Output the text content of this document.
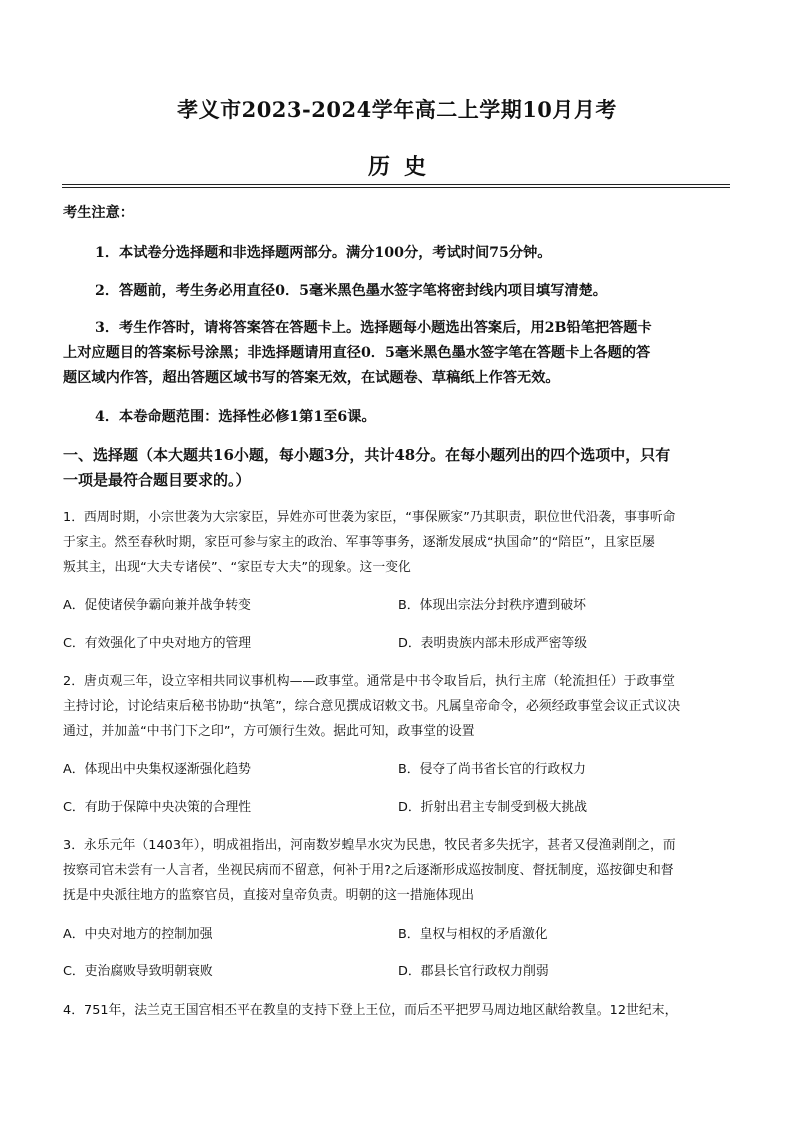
孝义市2023-2024学年高二上学期10月月考
历史
考生注意：
1．本试卷分选择题和非选择题两部分。满分100分，考试时间75分钟。
2．答题前，考生务必用直径0．5毫米黑色墨水签字笔将密封线内项目填写清楚。
3．考生作答时，请将答案答在答题卡上。选择题每小题选出答案后，用2B铅笔把答题卡
上对应题目的答案标号涂黑；非选择题请用直径0．5毫米黑色墨水签字笔在答题卡上各题的答
题区域内作答，超出答题区域书写的答案无效，在试题卷、草稿纸上作答无效。
4．本卷命题范围：选择性必修1第1至6课。
一、选择题（本大题共16小题，每小题3分，共计48分。在每小题列出的四个选项中，只有
一项是最符合题目要求的。）
1．西周时期，小宗世袭为大宗家臣，异姓亦可世袭为家臣，“事保厥家”乃其职责，职位世代沿袭，事事听命
于家主。然至春秋时期，家臣可参与家主的政治、军事等事务，逐渐发展成“执国命”的“陪臣”，且家臣屡
叛其主，出现“大夫专诸侯”、“家臣专大夫”的现象。这一变化
A．促使诸侯争霸向兼并战争转变	B．体现出宗法分封秩序遭到破坏
C．有效强化了中央对地方的管理	D．表明贵族内部未形成严密等级
2．唐贞观三年，设立宰相共同议事机构——政事堂。通常是中书令取旨后，执行主席（轮流担任）于政事堂
主持讨论，讨论结束后秘书协助“执笔”，综合意见撰成诏敕文书。凡属皇帝命令，必须经政事堂会议正式议决
通过，并加盖“中书门下之印”，方可颁行生效。据此可知，政事堂的设置
A．体现出中央集权逐渐强化趋势	B．侵夺了尚书省长官的行政权力
C．有助于保障中央决策的合理性	D．折射出君主专制受到极大挑战
3．永乐元年（1403年），明成祖指出，河南数岁蝗旱水灾为民患，牧民者多失抚字，甚者又侵渔剥削之，而
按察司官未尝有一人言者，坐视民病而不留意，何补于用?之后逐渐形成巡按制度、督抚制度，巡按御史和督
抚是中央派往地方的监察官员，直接对皇帝负责。明朝的这一措施体现出
A．中央对地方的控制加强	B．皇权与相权的矛盾激化
C．吏治腐败导致明朝衰败	D．郡县长官行政权力削弱
4．751年，法兰克王国宫相丕平在教皇的支持下登上王位，而后丕平把罗马周边地区献给教皇。12世纪末，
